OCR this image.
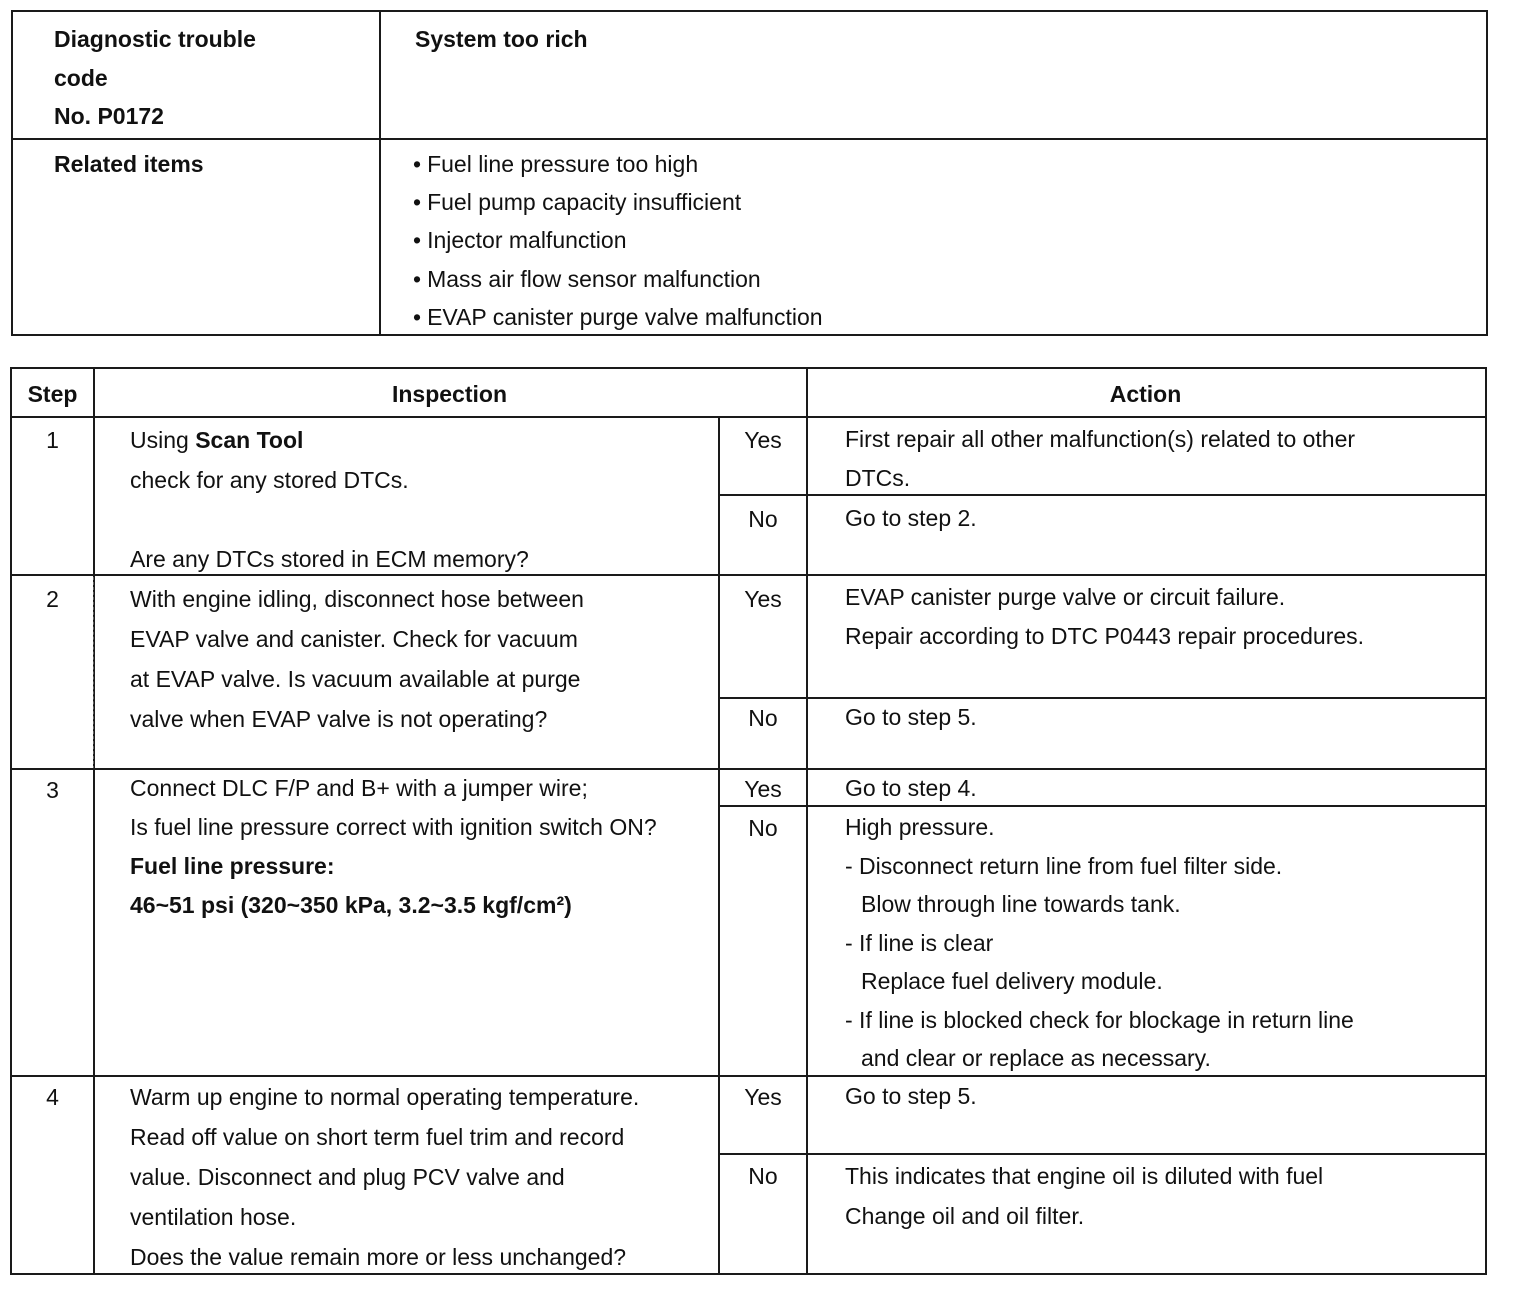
Diagnostic trouble
code
No. P0172
System too rich
Related items
•	Fuel line pressure too high
• Fuel pump capacity insufficient
• Injector malfunction
• Mass air flow sensor malfunction
• EVAP canister purge valve malfunction
Step	Inspection	Action
1	Using Scan Tool
check for any stored DTCs.
Are any DTCs stored in ECM memory?
Yes
No
First repair all other malfunction(s) related to other
DTCs.
Go to step 2.
2	With engine idling, disconnect hose between
EVAP valve and canister. Check for vacuum
at EVAP valve. Is vacuum available at purge
valve when EVAP valve is not operating?
Yes
No
EVAP canister purge valve or circuit failure.
Repair according to DTC P0443 repair procedures.
Go to step 5.
3	Connect DLC F/P and B+ with a jumper wire;
Is fuel line pressure correct with ignition switch ON?
Fuel line pressure:
46~51 psi (320~350 kPa, 3.2~3.5 kgf/cm²)
Yes
No
Go to step 4.
High pressure.
- Disconnect return line from fuel filter side.
Blow through line towards tank.
- If line is clear
Replace fuel delivery module.
- If line is blocked check for blockage in return line
and clear or replace as necessary.
4	Warm up engine to normal operating temperature.
Read off value on short term fuel trim and record
value. Disconnect and plug PCV valve and
ventilation hose.
Does the value remain more or less unchanged?
Yes
No
Go to step 5.
This indicates that engine oil is diluted with fuel
Change oil and oil filter.
